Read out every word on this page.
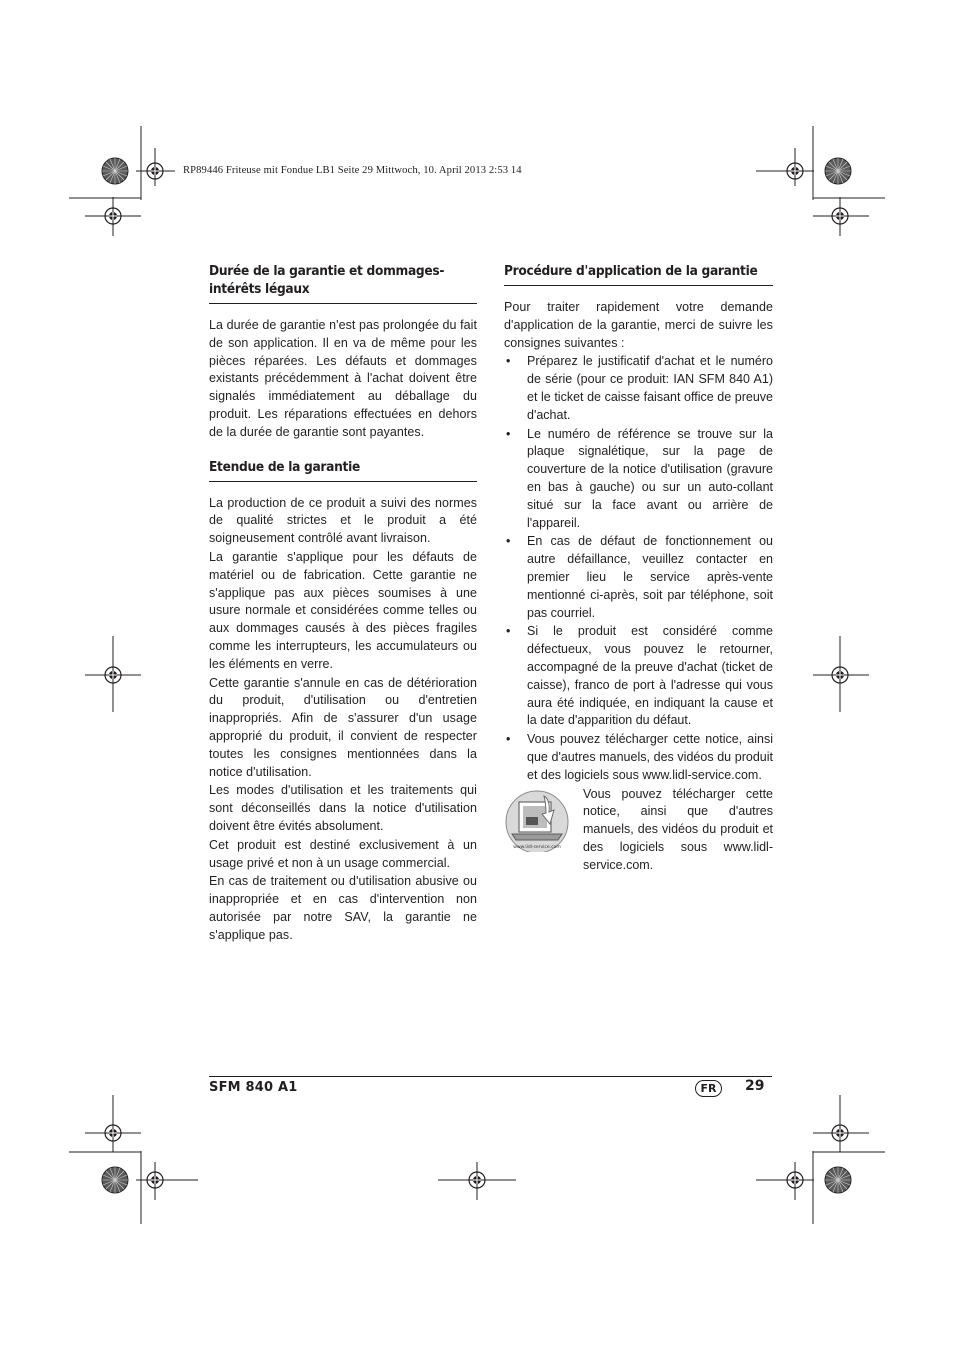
RP89446 Friteuse mit Fondue LB1 Seite 29 Mittwoch, 10. April 2013 2:53 14
Durée de la garantie et dommages-intérêts légaux

La durée de garantie n'est pas prolongée du fait de son application. Il en va de même pour les pièces réparées. Les défauts et dommages existants précédemment à l'achat doivent être signalés immédiatement au déballage du produit. Les réparations effectuées en dehors de la durée de garantie sont payantes.

Etendue de la garantie

La production de ce produit a suivi des normes de qualité strictes et le produit a été soigneusement contrôlé avant livraison.

La garantie s'applique pour les défauts de matériel ou de fabrication. Cette garantie ne s'applique pas aux pièces soumises à une usure normale et considérées comme telles ou aux dommages causés à des pièces fragiles comme les interrupteurs, les accumulateurs ou les éléments en verre.

Cette garantie s'annule en cas de détérioration du produit, d'utilisation ou d'entretien inappropriés. Afin de s'assurer d'un usage approprié du produit, il convient de respecter toutes les consignes mentionnées dans la notice d'utilisation.

Les modes d'utilisation et les traitements qui sont déconseillés dans la notice d'utilisation doivent être évités absolument.

Cet produit est destiné exclusivement à un usage privé et non à un usage commercial.

En cas de traitement ou d'utilisation abusive ou inappropriée et en cas d'intervention non autorisée par notre SAV, la garantie ne s'applique pas.

Procédure d'application de la garantie

Pour traiter rapidement votre demande d'application de la garantie, merci de suivre les consignes suivantes :

• Préparez le justificatif d'achat et le numéro de série (pour ce produit: IAN SFM 840 A1) et le ticket de caisse faisant office de preuve d'achat.
• Le numéro de référence se trouve sur la plaque signalétique, sur la page de couverture de la notice d'utilisation (gravure en bas à gauche) ou sur un auto-collant situé sur la face avant ou arrière de l'appareil.
• En cas de défaut de fonctionnement ou autre défaillance, veuillez contacter en premier lieu le service après-vente mentionné ci-après, soit par téléphone, soit pas courriel.
• Si le produit est considéré comme défectueux, vous pouvez le retourner, accompagné de la preuve d'achat (ticket de caisse), franco de port à l'adresse qui vous aura été indiquée, en indiquant la cause et la date d'apparition du défaut.
• Vous pouvez télécharger cette notice, ainsi que d'autres manuels, des vidéos du produit et des logiciels sous www.lidl-service.com.
www.lidl-service.com
Vous pouvez télécharger cette notice, ainsi que d'autres manuels, des vidéos du produit et des logiciels sous www.lidl-service.com.
SFM 840 A1	FR	29
